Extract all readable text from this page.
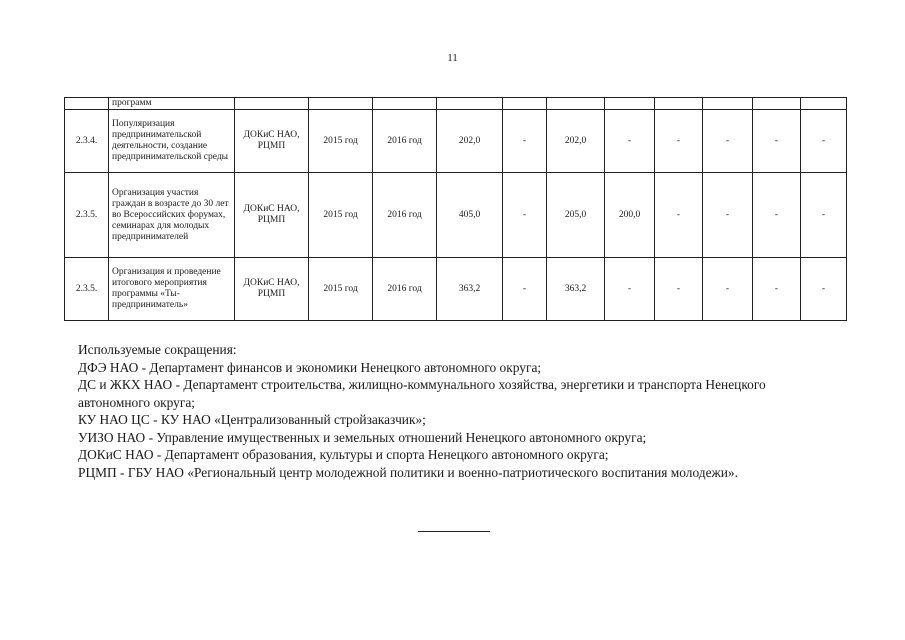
11
	программ											
2.3.4.	Популяризация предпринимательской деятельности, создание предпринимательской среды	ДОКиС НАО, РЦМП	2015 год	2016 год	202,0	-	202,0	-	-	-	-	-
2.3.5.	Организация участия граждан в возрасте до 30 лет во Всероссийских форумах, семинарах для молодых предпринимателей	ДОКиС НАО, РЦМП	2015 год	2016 год	405,0	-	205,0	200,0	-	-	-	-
2.3.5.	Организация и проведение итогового мероприятия программы «Ты-предприниматель»	ДОКиС НАО, РЦМП	2015 год	2016 год	363,2	-	363,2	-	-	-	-	-

Используемые сокращения:

ДФЭ НАО - Департамент финансов и экономики Ненецкого автономного округа;

ДС и ЖКХ НАО - Департамент строительства, жилищно-коммунального хозяйства, энергетики и транспорта Ненецкого автономного округа;

КУ НАО ЦС - КУ НАО «Централизованный стройзаказчик»;

УИЗО НАО - Управление имущественных и земельных отношений Ненецкого автономного округа;

ДОКиС НАО - Департамент образования, культуры и спорта Ненецкого автономного округа;

РЦМП - ГБУ НАО «Региональный центр молодежной политики и военно-патриотического воспитания молодежи».
